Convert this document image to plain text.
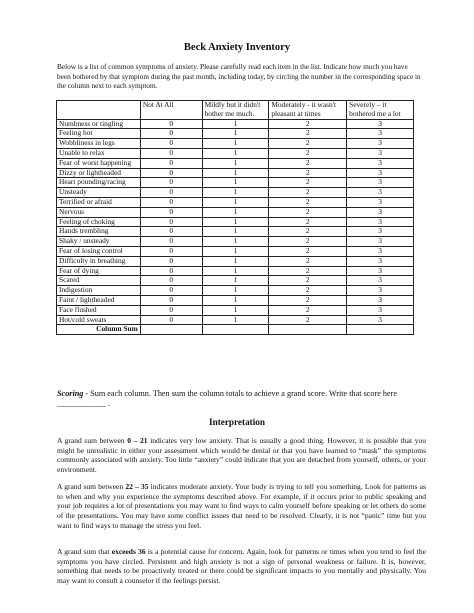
Beck Anxiety Inventory
Below is a list of common symptoms of anxiety. Please carefully read each item in the list. Indicate how much you have been bothered by that symptom during the past month, including today, by circling the number in the corresponding space in the column next to each symptom.
	Not At All	Mildly but it didn't bother me much.	Moderately - it wasn't pleasant at times	Severely – it bothered me a lot
Numbness or tingling	0	1	2	3
Feeling hot	0	1	2	3
Wobbliness in legs	0	1	2	3
Unable to relax	0	1	2	3
Fear of worst happening	0	1	2	3
Dizzy or lightheaded	0	1	2	3
Heart pounding/racing	0	1	2	3
Unsteady	0	1	2	3
Terrified or afraid	0	1	2	3
Nervous	0	1	2	3
Feeling of choking	0	1	2	3
Hands trembling	0	1	2	3
Shaky / unsteady	0	1	2	3
Fear of losing control	0	1	2	3
Difficulty in breathing	0	1	2	3
Fear of dying	0	1	2	3
Scared	0	1	2	3
Indigestion	0	1	2	3
Faint / lightheaded	0	1	2	3
Face flushed	0	1	2	3
Hot/cold sweats	0	1	2	3
Column Sum				
Scoring - Sum each column. Then sum the column totals to achieve a grand score. Write that score here ____________ .
Interpretation
A grand sum between 0 – 21 indicates very low anxiety. That is usually a good thing. However, it is possible that you might be unrealistic in either your assessment which would be denial or that you have learned to “mask” the symptoms commonly associated with anxiety. Too little “anxiety” could indicate that you are detached from yourself, others, or your environment.
A grand sum between 22 – 35 indicates moderate anxiety. Your body is trying to tell you something. Look for patterns as to when and why you experience the symptoms described above. For example, if it occurs prior to public speaking and your job requires a lot of presentations you may want to find ways to calm yourself before speaking or let others do some of the presentations. You may have some conflict issues that need to be resolved. Clearly, it is not “panic” time but you want to find ways to manage the stress you feel.
A grand sum that exceeds 36 is a potential cause for concern. Again, look for patterns or times when you tend to feel the symptoms you have circled. Persistent and high anxiety is not a sign of personal weakness or failure. It is, however, something that needs to be proactively treated or there could be significant impacts to you mentally and physically. You may want to consult a counselor if the feelings persist.
